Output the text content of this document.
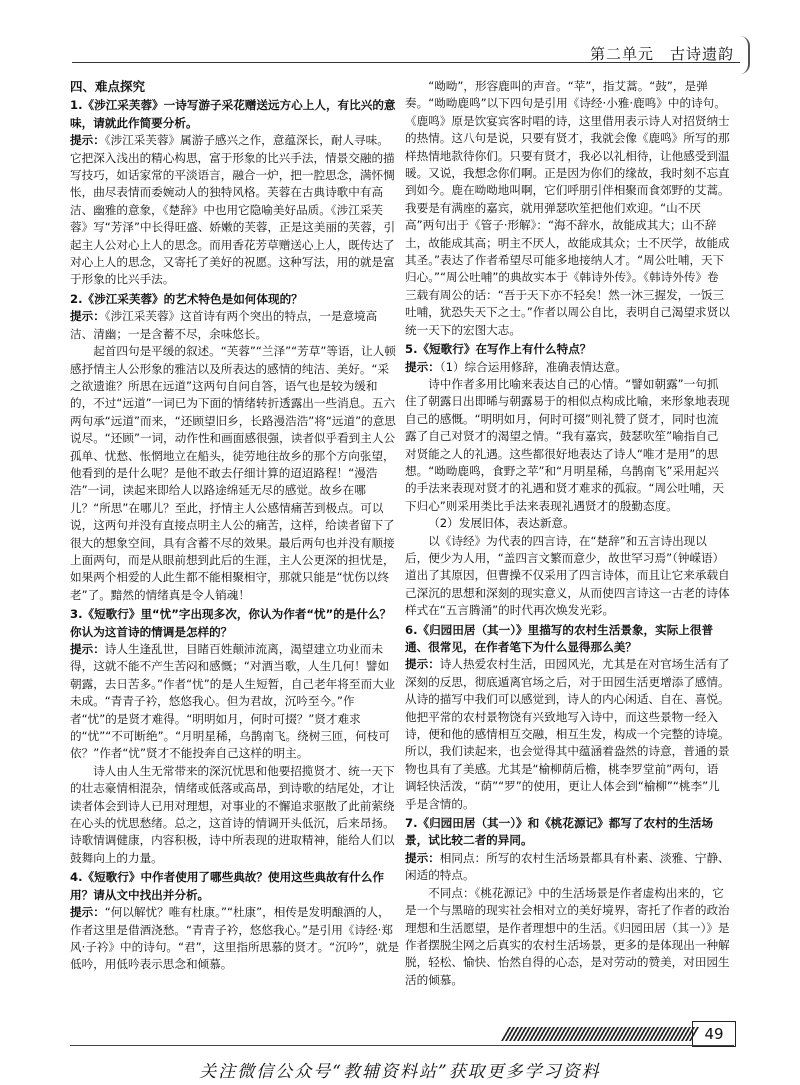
第二单元　古诗遗韵
四、难点探究
1.《涉江采芙蓉》一诗写游子采花赠送远方心上人，有比兴的意味，请就此作简要分析。
提示：《涉江采芙蓉》属游子感兴之作，意蕴深长，耐人寻味。它把深入浅出的精心构思，富于形象的比兴手法，情景交融的描写技巧，如话家常的平淡语言，融合一炉，把一腔思念，满怀惆怅，曲尽表情而委婉动人的独特风格。芙蓉在古典诗歌中有高洁、幽雅的意象，《楚辞》中也用它隐喻美好品质。《涉江采芙蓉》写“芳泽”中长得旺盛、娇嫩的芙蓉，正是这美丽的芙蓉，引起主人公对心上人的思念。而用香花芳草赠送心上人，既传达了对心上人的思念，又寄托了美好的祝愿。这种写法，用的就是富于形象的比兴手法。
2.《涉江采芙蓉》的艺术特色是如何体现的？
提示：《涉江采芙蓉》这首诗有两个突出的特点，一是意境高洁、清幽；一是含蓄不尽，余味悠长。
起首四句是平缓的叙述。“芙蓉”“兰泽”“芳草”等语，让人顿感抒情主人公形象的雅洁以及所表达的感情的纯洁、美好。“采之欲遗谁？所思在远道”这两句自问自答，语气也是较为缓和的，不过“远道”一词已为下面的情绪转折透露出一些消息。五六两句承“远道”而来，“还顾望旧乡，长路漫浩浩”将“远道”的意思说尽。“还顾”一词，动作性和画面感很强，读者似乎看到主人公孤单、忧愁、怅惘地立在船头，徒劳地往故乡的那个方向张望，他看到的是什么呢？是他不敢去仔细计算的迢迢路程！“漫浩浩”一词，读起来即给人以路途绵延无尽的感觉。故乡在哪儿？“所思”在哪儿？至此，抒情主人公感情痛苦到极点。可以说，这两句并没有直接点明主人公的痛苦，这样，给读者留下了很大的想象空间，具有含蓄不尽的效果。最后两句也并没有顺接上面两句，而是从眼前想到此后的生涯，主人公更深的担忧是，如果两个相爱的人此生都不能相聚相守，那就只能是“忧伤以终老”了。黯然的情绪真是令人销魂！
3.《短歌行》里“忧”字出现多次，你认为作者“忧”的是什么？你认为这首诗的情调是怎样的？
提示：诗人生逢乱世，目睹百姓颠沛流离，渴望建立功业而未得，这就不能不产生苦闷和感慨；“对酒当歌，人生几何！譬如朝露，去日苦多。”作者“忧”的是人生短暂，自己老年将至而大业未成。“青青子衿，悠悠我心。但为君故，沉吟至今。”作者“忧”的是贤才难得。“明明如月，何时可掇？”贤才难求的“忧”“不可断绝”。“月明星稀，乌鹊南飞。绕树三匝，何枝可依？”作者“忧”贤才不能投奔自己这样的明主。
诗人由人生无常带来的深沉忧思和他要招揽贤才、统一天下的壮志豪情相混杂，情绪或低落或高昂，到诗歌的结尾处，才让读者体会到诗人已用对理想，对事业的不懈追求驱散了此前萦绕在心头的忧思愁绪。总之，这首诗的情调开头低沉，后来昂扬。诗歌情调健康，内容积极，诗中所表现的进取精神，能给人们以鼓舞向上的力量。
4.《短歌行》中作者使用了哪些典故？使用这些典故有什么作用？请从文中找出并分析。
提示：“何以解忧？唯有杜康。”“杜康”，相传是发明酿酒的人，作者这里是借酒浇愁。“青青子衿，悠悠我心。”是引用《诗经·郑风·子衿》中的诗句。“君”，这里指所思慕的贤才。“沉吟”，就是低吟，用低吟表示思念和倾慕。
“呦呦”，形容鹿叫的声音。“苹”，指艾蒿。“鼓”，是弹奏。“呦呦鹿鸣”以下四句是引用《诗经·小雅·鹿鸣》中的诗句。《鹿鸣》原是饮宴宾客时唱的诗，这里借用表示诗人对招贤纳士的热情。这八句是说，只要有贤才，我就会像《鹿鸣》所写的那样热情地款待你们。只要有贤才，我必以礼相待，让他感受到温暖。又说，我想念你们啊。正是因为你们的缘故，我时刻不忘直到如今。鹿在呦呦地叫啊，它们呼朋引伴相聚而食郊野的艾蒿。我要是有满座的嘉宾，就用弹瑟吹笙把他们欢迎。“山不厌高”两句出于《管子·形解》：“海不辞水，故能成其大；山不辞土，故能成其高；明主不厌人，故能成其众；士不厌学，故能成其圣。”表达了作者希望尽可能多地接纳人才。“周公吐哺，天下归心。”“周公吐哺”的典故实本于《韩诗外传》。《韩诗外传》卷三载有周公的话：“吾于天下亦不轻矣！然一沐三握发，一饭三吐哺，犹恐失天下之士。”作者以周公自比，表明自己渴望求贤以统一天下的宏图大志。
5.《短歌行》在写作上有什么特点？
提示：（1）综合运用修辞，准确表情达意。
诗中作者多用比喻来表达自己的心情。“譬如朝露”一句抓住了朝露日出即晞与朝露易于的相似点构成比喻，来形象地表现自己的感慨。“明明如月，何时可掇”则礼赞了贤才，同时也流露了自己对贤才的渴望之情。“我有嘉宾，鼓瑟吹笙”喻指自己对贤能之人的礼遇。这些都很好地表达了诗人“唯才是用”的思想。“呦呦鹿鸣，食野之苹”和“月明星稀，乌鹊南飞”采用起兴的手法来表现对贤才的礼遇和贤才难求的孤寂。“周公吐哺，天下归心”则采用类比手法来表现礼遇贤才的殷勤态度。
（2）发展旧体，表达新意。
以《诗经》为代表的四言诗，在“楚辞”和五言诗出现以后，便少为人用，“盖四言文繁而意少，故世罕习焉”（钟嵘语）道出了其原因，但曹操不仅采用了四言诗体，而且让它来承载自己深沉的思想和深刻的现实意义，从而使四言诗这一古老的诗体样式在“五言腾涌”的时代再次焕发光彩。
6.《归园田居（其一）》里描写的农村生活景象，实际上很普通、很常见，在作者笔下为什么显得那么美？
提示：诗人热爱农村生活，田园风光，尤其是在对官场生活有了深刻的反思，彻底遁离官场之后，对于田园生活更增添了感情。从诗的描写中我们可以感觉到，诗人的内心闲适、自在、喜悦。他把平常的农村景物饶有兴致地写入诗中，而这些景物一经入诗，便和他的感情相互交融，相互生发，构成一个完整的诗境。所以，我们读起来，也会觉得其中蕴涵着盎然的诗意，普通的景物也具有了美感。尤其是“榆柳荫后檐，桃李罗堂前”两句，语调轻快活泼，“荫”“罗”的使用，更让人体会到“榆柳”“桃李”儿乎是含情的。
7.《归园田居（其一）》和《桃花源记》都写了农村的生活场景，试比较二者的异同。
提示：相同点：所写的农村生活场景都具有朴素、淡雅、宁静、闲适的特点。
不同点：《桃花源记》中的生活场景是作者虚构出来的，它是一个与黑暗的现实社会相对立的美好境界，寄托了作者的政治理想和生活愿望，是作者理想中的生活。《归园田居（其一）》是作者摆脱尘网之后真实的农村生活场景，更多的是体现出一种解脱，轻松、愉快、怡然自得的心态，是对劳动的赞美，对田园生活的倾慕。
49
关注微信公众号“教辅资料站”获取更多学习资料
